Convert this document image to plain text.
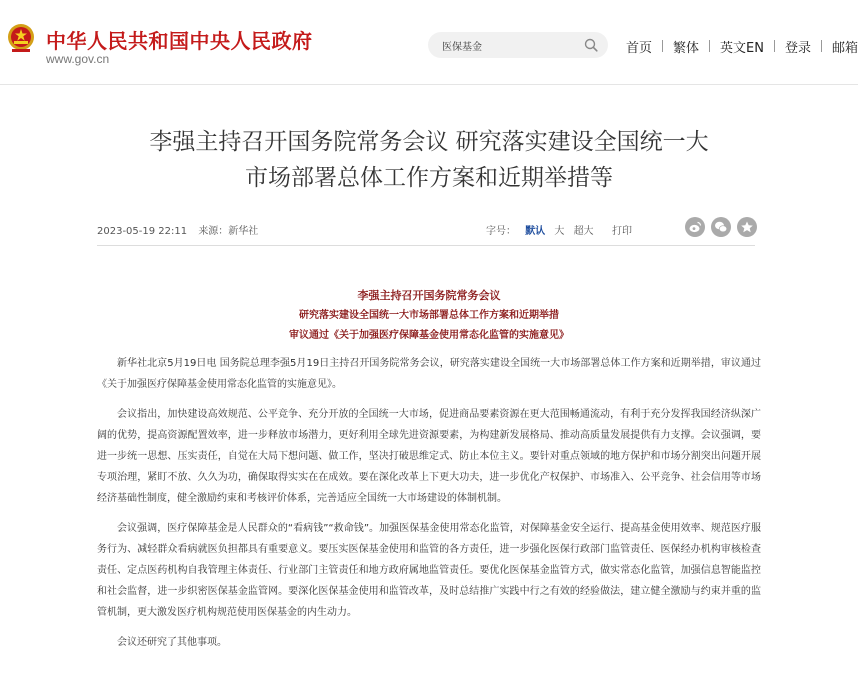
中华人民共和国中央人民政府
www.gov.cn
医保基金
首页	繁体	英文EN	登录	邮箱
李强主持召开国务院常务会议 研究落实建设全国统一大
市场部署总体工作方案和近期举措等
2023-05-19 22:11 来源：新华社	字号： 默认 大 超大	打印
李强主持召开国务院常务会议
研究落实建设全国统一大市场部署总体工作方案和近期举措
审议通过《关于加强医疗保障基金使用常态化监管的实施意见》

新华社北京5月19日电 国务院总理李强5月19日主持召开国务院常务会议，研究落实建设全国统一大市场部署总体工作方案和近期举措，审议通过《关于加强医疗保障基金使用常态化监管的实施意见》。

会议指出，加快建设高效规范、公平竞争、充分开放的全国统一大市场，促进商品要素资源在更大范围畅通流动，有利于充分发挥我国经济纵深广阔的优势，提高资源配置效率，进一步释放市场潜力，更好利用全球先进资源要素，为构建新发展格局、推动高质量发展提供有力支撑。会议强调，要进一步统一思想、压实责任，自觉在大局下想问题、做工作，坚决打破思维定式、防止本位主义。要针对重点领域的地方保护和市场分割突出问题开展专项治理，紧盯不放、久久为功，确保取得实实在在成效。要在深化改革上下更大功夫，进一步优化产权保护、市场准入、公平竞争、社会信用等市场经济基础性制度，健全激励约束和考核评价体系，完善适应全国统一大市场建设的体制机制。

会议强调，医疗保障基金是人民群众的“看病钱”“救命钱”。加强医保基金使用常态化监管，对保障基金安全运行、提高基金使用效率、规范医疗服务行为、减轻群众看病就医负担都具有重要意义。要压实医保基金使用和监管的各方责任，进一步强化医保行政部门监管责任、医保经办机构审核检查责任、定点医药机构自我管理主体责任、行业部门主管责任和地方政府属地监管责任。要优化医保基金监管方式，做实常态化监管，加强信息智能监控和社会监督，进一步织密医保基金监管网。要深化医保基金使用和监管改革，及时总结推广实践中行之有效的经验做法，建立健全激励与约束并重的监管机制，更大激发医疗机构规范使用医保基金的内生动力。

会议还研究了其他事项。
